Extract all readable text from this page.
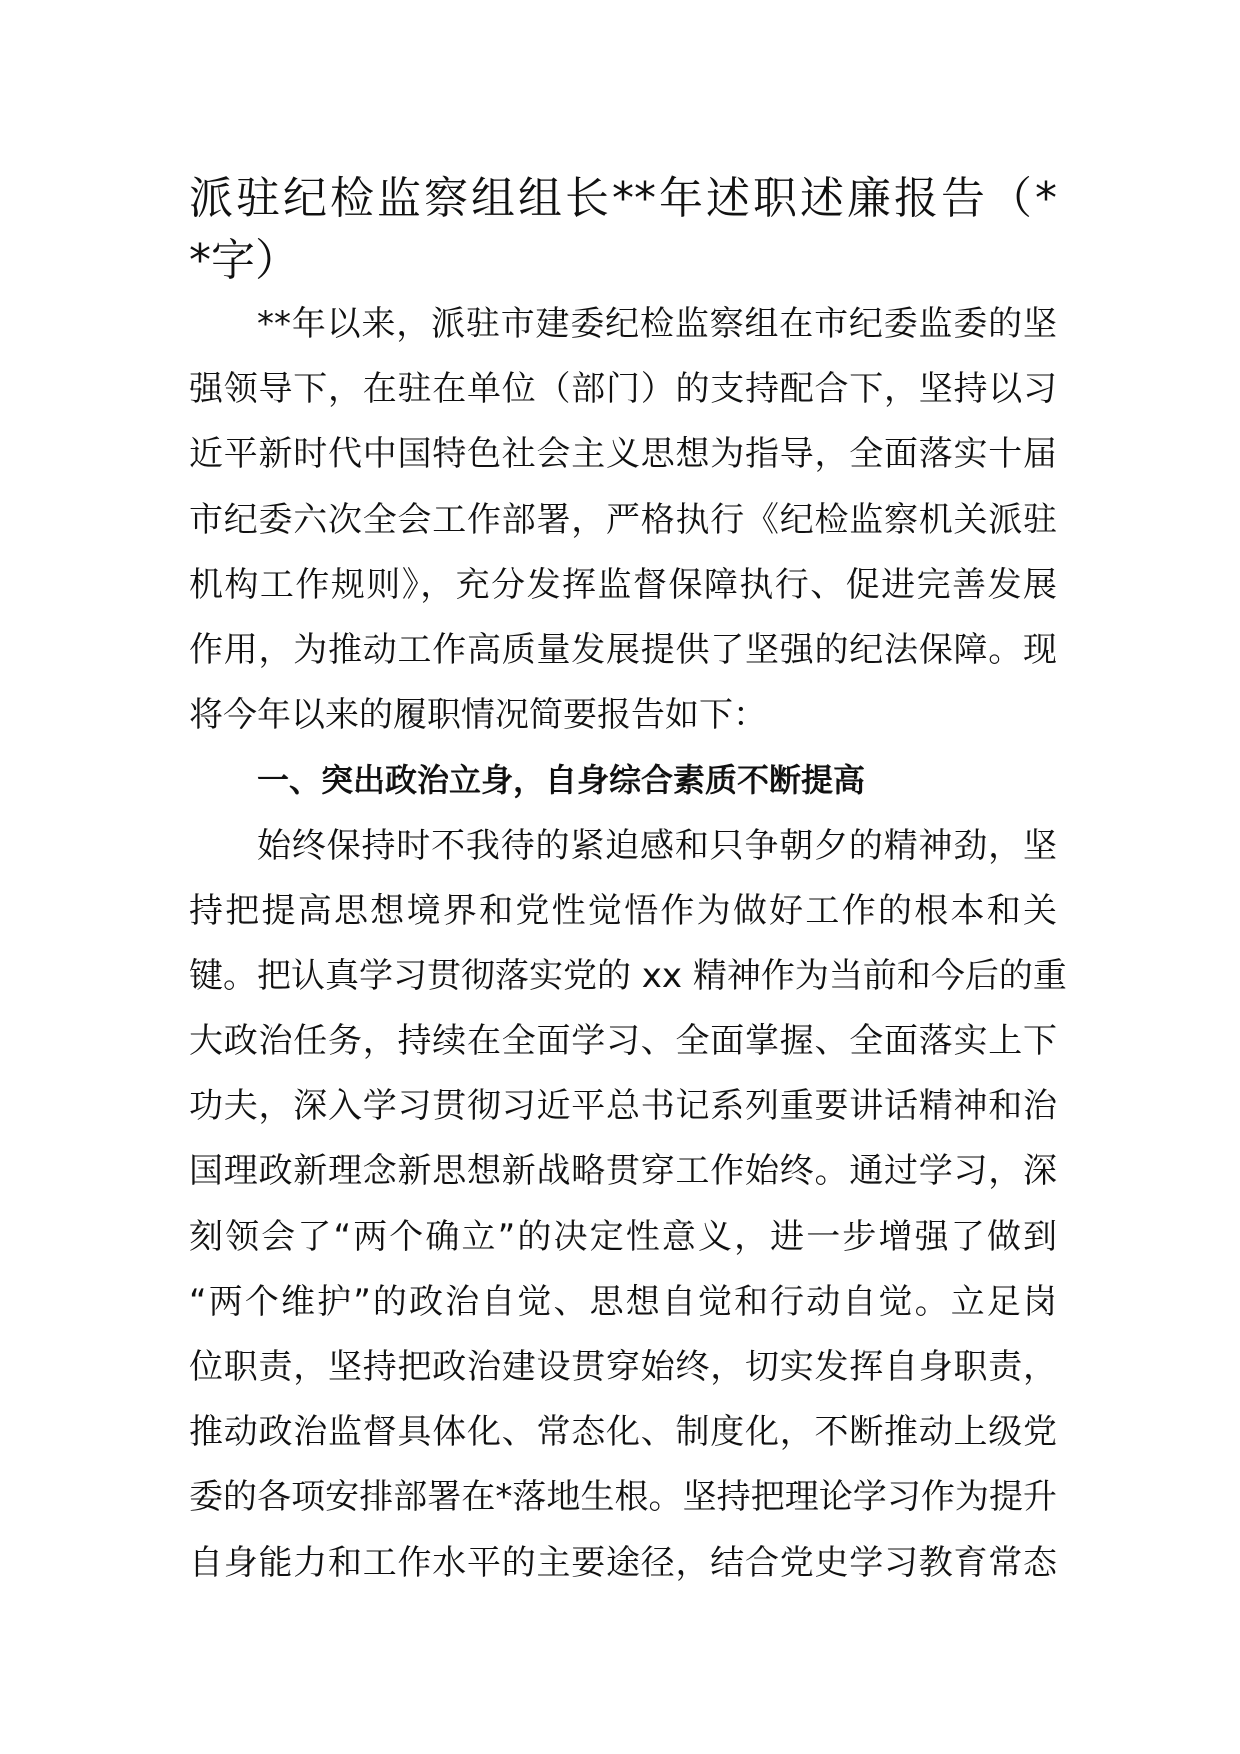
派驻纪检监察组组长**年述职述廉报告（*
*字）
**年以来，派驻市建委纪检监察组在市纪委监委的坚
强领导下，在驻在单位（部门）的支持配合下，坚持以习
近平新时代中国特色社会主义思想为指导，全面落实十届
市纪委六次全会工作部署，严格执行《纪检监察机关派驻
机构工作规则》，充分发挥监督保障执行、促进完善发展
作用，为推动工作高质量发展提供了坚强的纪法保障。现
将今年以来的履职情况简要报告如下：
一、突出政治立身，自身综合素质不断提高
始终保持时不我待的紧迫感和只争朝夕的精神劲，坚
持把提高思想境界和党性觉悟作为做好工作的根本和关
键。把认真学习贯彻落实党的 xx 精神作为当前和今后的重
大政治任务，持续在全面学习、全面掌握、全面落实上下
功夫，深入学习贯彻习近平总书记系列重要讲话精神和治
国理政新理念新思想新战略贯穿工作始终。通过学习，深
刻领会了“两个确立”的决定性意义，进一步增强了做到
“两个维护”的政治自觉、思想自觉和行动自觉。立足岗
位职责，坚持把政治建设贯穿始终，切实发挥自身职责，
推动政治监督具体化、常态化、制度化，不断推动上级党
委的各项安排部署在*落地生根。坚持把理论学习作为提升
自身能力和工作水平的主要途径，结合党史学习教育常态
